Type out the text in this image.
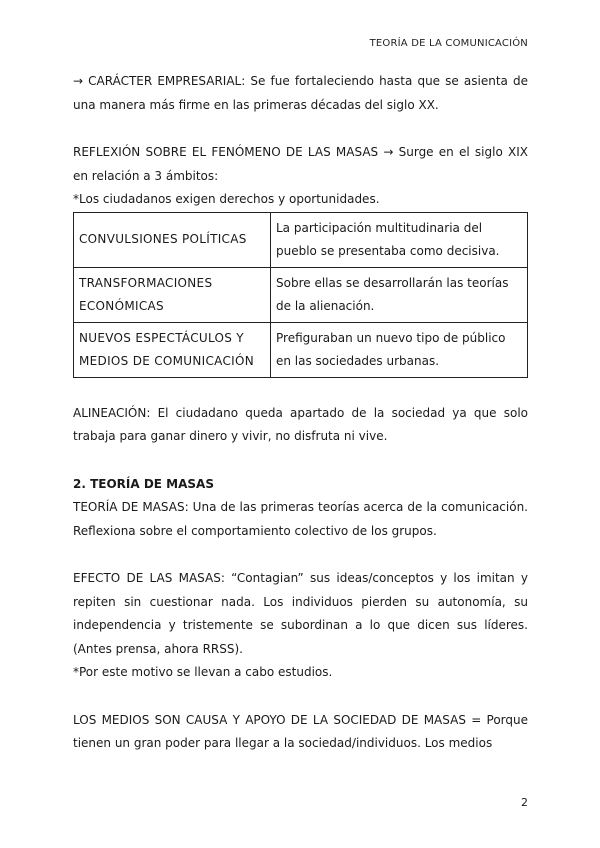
TEORÍA DE LA COMUNICACIÓN

→ CARÁCTER EMPRESARIAL: Se fue fortaleciendo hasta que se asienta de una manera más firme en las primeras décadas del siglo XX.

REFLEXIÓN SOBRE EL FENÓMENO DE LAS MASAS → Surge en el siglo XIX en relación a 3 ámbitos:

*Los ciudadanos exigen derechos y oportunidades.

CONVULSIONES POLÍTICAS	La participación multitudinaria del pueblo se presentaba como decisiva.
TRANSFORMACIONES ECONÓMICAS	Sobre ellas se desarrollarán las teorías de la alienación.
NUEVOS ESPECTÁCULOS Y MEDIOS DE COMUNICACIÓN	Prefiguraban un nuevo tipo de público en las sociedades urbanas.

ALINEACIÓN: El ciudadano queda apartado de la sociedad ya que solo trabaja para ganar dinero y vivir, no disfruta ni vive.

2. TEORÍA DE MASAS

TEORÍA DE MASAS: Una de las primeras teorías acerca de la comunicación. Reflexiona sobre el comportamiento colectivo de los grupos.

EFECTO DE LAS MASAS: “Contagian” sus ideas/conceptos y los imitan y repiten sin cuestionar nada. Los individuos pierden su autonomía, su independencia y tristemente se subordinan a lo que dicen sus líderes. (Antes prensa, ahora RRSS).

*Por este motivo se llevan a cabo estudios.

LOS MEDIOS SON CAUSA Y APOYO DE LA SOCIEDAD DE MASAS = Porque tienen un gran poder para llegar a la sociedad/individuos. Los medios

2
